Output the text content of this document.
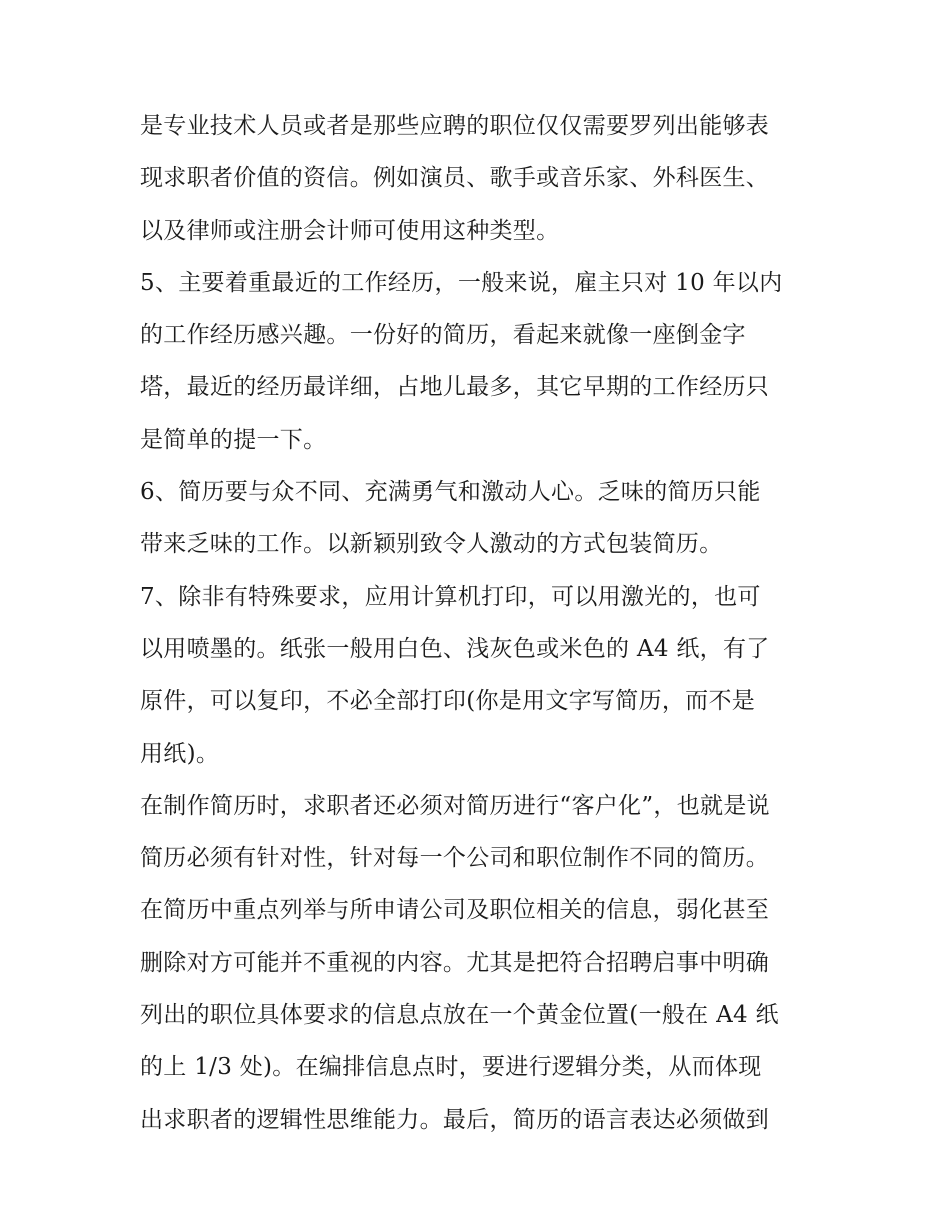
是专业技术人员或者是那些应聘的职位仅仅需要罗列出能够表
现求职者价值的资信。例如演员、歌手或音乐家、外科医生、
以及律师或注册会计师可使用这种类型。
5、主要着重最近的工作经历，一般来说，雇主只对 10 年以内
的工作经历感兴趣。一份好的简历，看起来就像一座倒金字
塔，最近的经历最详细，占地儿最多，其它早期的工作经历只
是简单的提一下。
6、简历要与众不同、充满勇气和激动人心。乏味的简历只能
带来乏味的工作。以新颖别致令人激动的方式包装简历。
7、除非有特殊要求，应用计算机打印，可以用激光的，也可
以用喷墨的。纸张一般用白色、浅灰色或米色的 A4 纸，有了
原件，可以复印，不必全部打印(你是用文字写简历，而不是
用纸)。
在制作简历时，求职者还必须对简历进行“客户化”，也就是说
简历必须有针对性，针对每一个公司和职位制作不同的简历。
在简历中重点列举与所申请公司及职位相关的信息，弱化甚至
删除对方可能并不重视的内容。尤其是把符合招聘启事中明确
列出的职位具体要求的信息点放在一个黄金位置(一般在 A4 纸
的上 1/3 处)。在编排信息点时，要进行逻辑分类，从而体现
出求职者的逻辑性思维能力。最后，简历的语言表达必须做到
